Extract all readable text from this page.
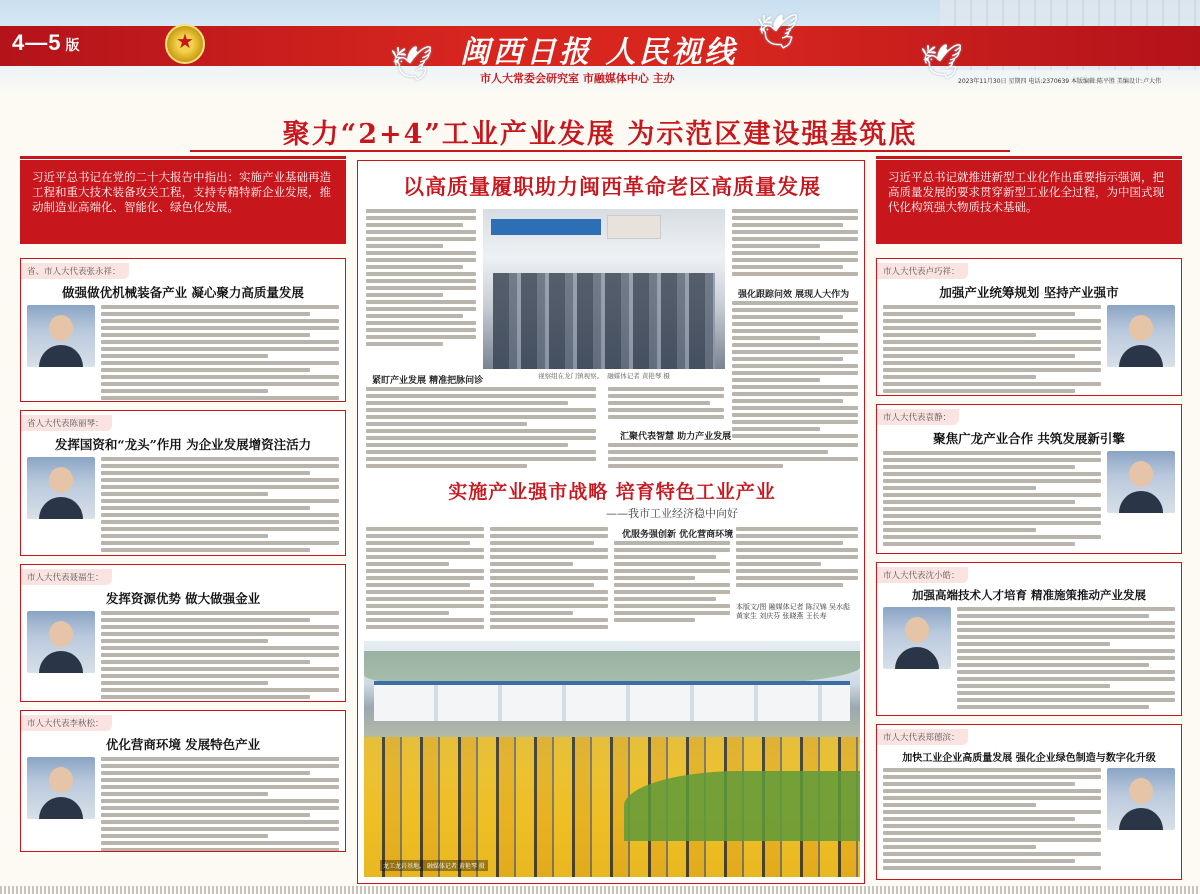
4—5 版
★	🕊
🕊
🕊
闽西日报 人民视线
市人大常委会研究室 市融媒体中心 主办	2023年11月30日 星期四 电话:2370639 本版编辑:陈平胜 美编设计:卢大伟
聚力“2+4”工业产业发展 为示范区建设强基筑底
习近平总书记在党的二十大报告中指出：实施产业基础再造工程和重大技术装备攻关工程，支持专精特新企业发展，推动制造业高端化、智能化、绿色化发展。
习近平总书记就推进新型工业化作出重要指示强调，把高质量发展的要求贯穿新型工业化全过程，为中国式现代化构筑强大物质技术基础。
省、市人大代表张永祥：
做强做优机械装备产业 凝心聚力高质量发展
省人大代表陈丽琴：
发挥国资和“龙头”作用 为企业发展增资注活力
市人大代表聂福生：
发挥资源优势 做大做强金业
市人大代表李秋松：
优化营商环境 发展特色产业
市人大代表卢巧祥：
加强产业统筹规划 坚持产业强市
市人大代表袁静：
聚焦广龙产业合作 共筑发展新引擎
市人大代表沈小皓：
加强高端技术人才培育 精准施策推动产业发展
市人大代表郑德滨：
加快工业企业高质量发展 强化企业绿色制造与数字化升级
以高质量履职助力闽西革命老区高质量发展
紧盯产业发展 精准把脉问诊	视察组在龙门镇视察。 融媒体记者 黄艳琴 摄
强化跟踪问效 展现人大作为
汇聚代表智慧 助力产业发展
实施产业强市战略 培育特色工业产业
——我市工业经济稳中向好
优服务强创新 优化营商环境
本版文/图 融媒体记者 陈汉锦 吴水彪 黄家生 刘庆芬 张晓燕 王长寿
龙工龙岩基地。 融媒体记者 黄艳琴 摄
